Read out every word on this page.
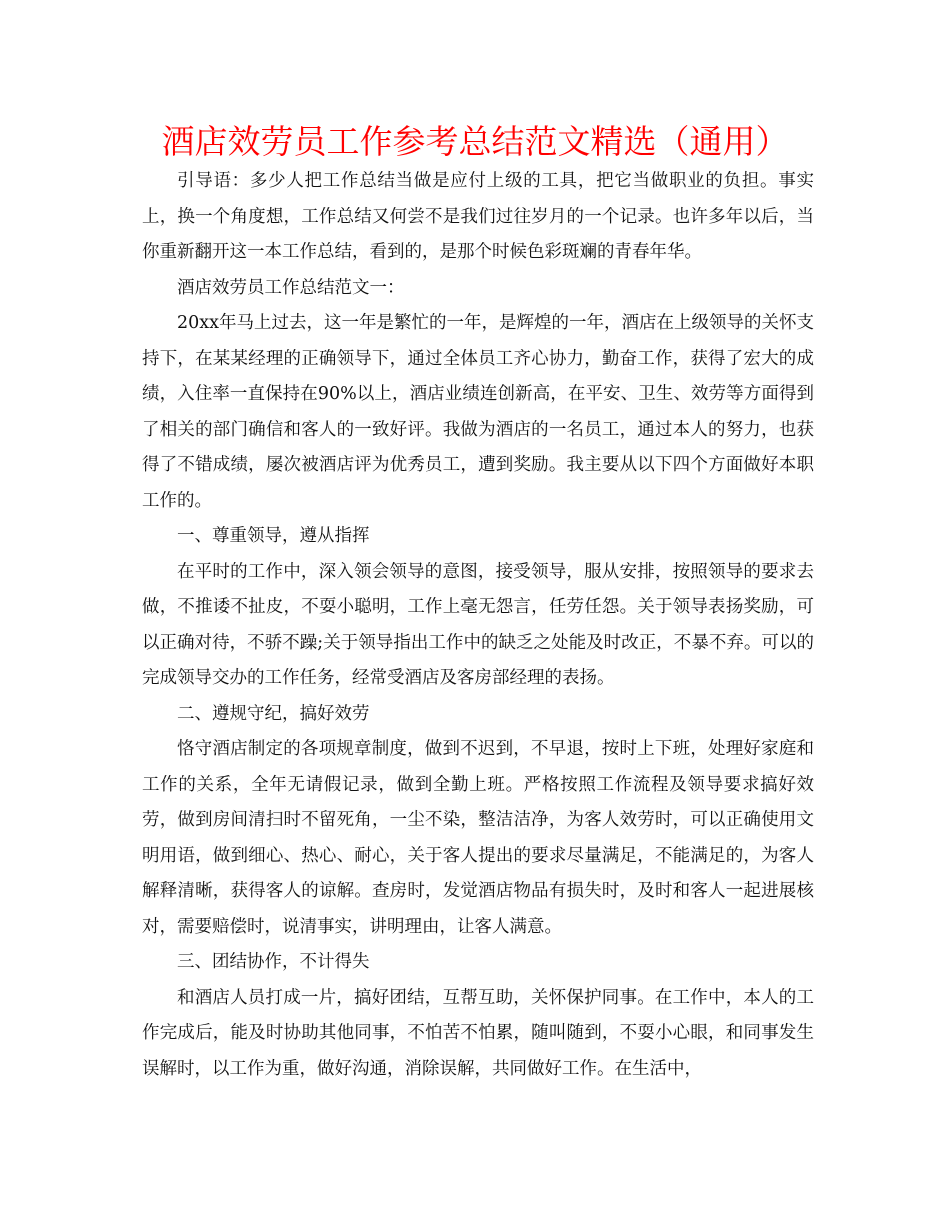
酒店效劳员工作参考总结范文精选（通用）

引导语：多少人把工作总结当做是应付上级的工具，把它当做职业的负担。事实上，换一个角度想，工作总结又何尝不是我们过往岁月的一个记录。也许多年以后，当你重新翻开这一本工作总结，看到的，是那个时候色彩斑斓的青春年华。

酒店效劳员工作总结范文一：

20xx年马上过去，这一年是繁忙的一年，是辉煌的一年，酒店在上级领导的关怀支持下，在某某经理的正确领导下，通过全体员工齐心协力，勤奋工作，获得了宏大的成绩，入住率一直保持在90%以上，酒店业绩连创新高，在平安、卫生、效劳等方面得到了相关的部门确信和客人的一致好评。我做为酒店的一名员工，通过本人的努力，也获得了不错成绩，屡次被酒店评为优秀员工，遭到奖励。我主要从以下四个方面做好本职工作的。

一、尊重领导，遵从指挥

在平时的工作中，深入领会领导的意图，接受领导，服从安排，按照领导的要求去做，不推诿不扯皮，不耍小聪明，工作上毫无怨言，任劳任怨。关于领导表扬奖励，可以正确对待，不骄不躁;关于领导指出工作中的缺乏之处能及时改正，不暴不弃。可以的完成领导交办的工作任务，经常受酒店及客房部经理的表扬。

二、遵规守纪，搞好效劳

恪守酒店制定的各项规章制度，做到不迟到，不早退，按时上下班，处理好家庭和工作的关系，全年无请假记录，做到全勤上班。严格按照工作流程及领导要求搞好效劳，做到房间清扫时不留死角，一尘不染，整洁洁净，为客人效劳时，可以正确使用文明用语，做到细心、热心、耐心，关于客人提出的要求尽量满足，不能满足的，为客人解释清晰，获得客人的谅解。查房时，发觉酒店物品有损失时，及时和客人一起进展核对，需要赔偿时，说清事实，讲明理由，让客人满意。

三、团结协作，不计得失

和酒店人员打成一片，搞好团结，互帮互助，关怀保护同事。在工作中，本人的工作完成后，能及时协助其他同事，不怕苦不怕累，随叫随到，不耍小心眼，和同事发生误解时，以工作为重，做好沟通，消除误解，共同做好工作。在生活中，
